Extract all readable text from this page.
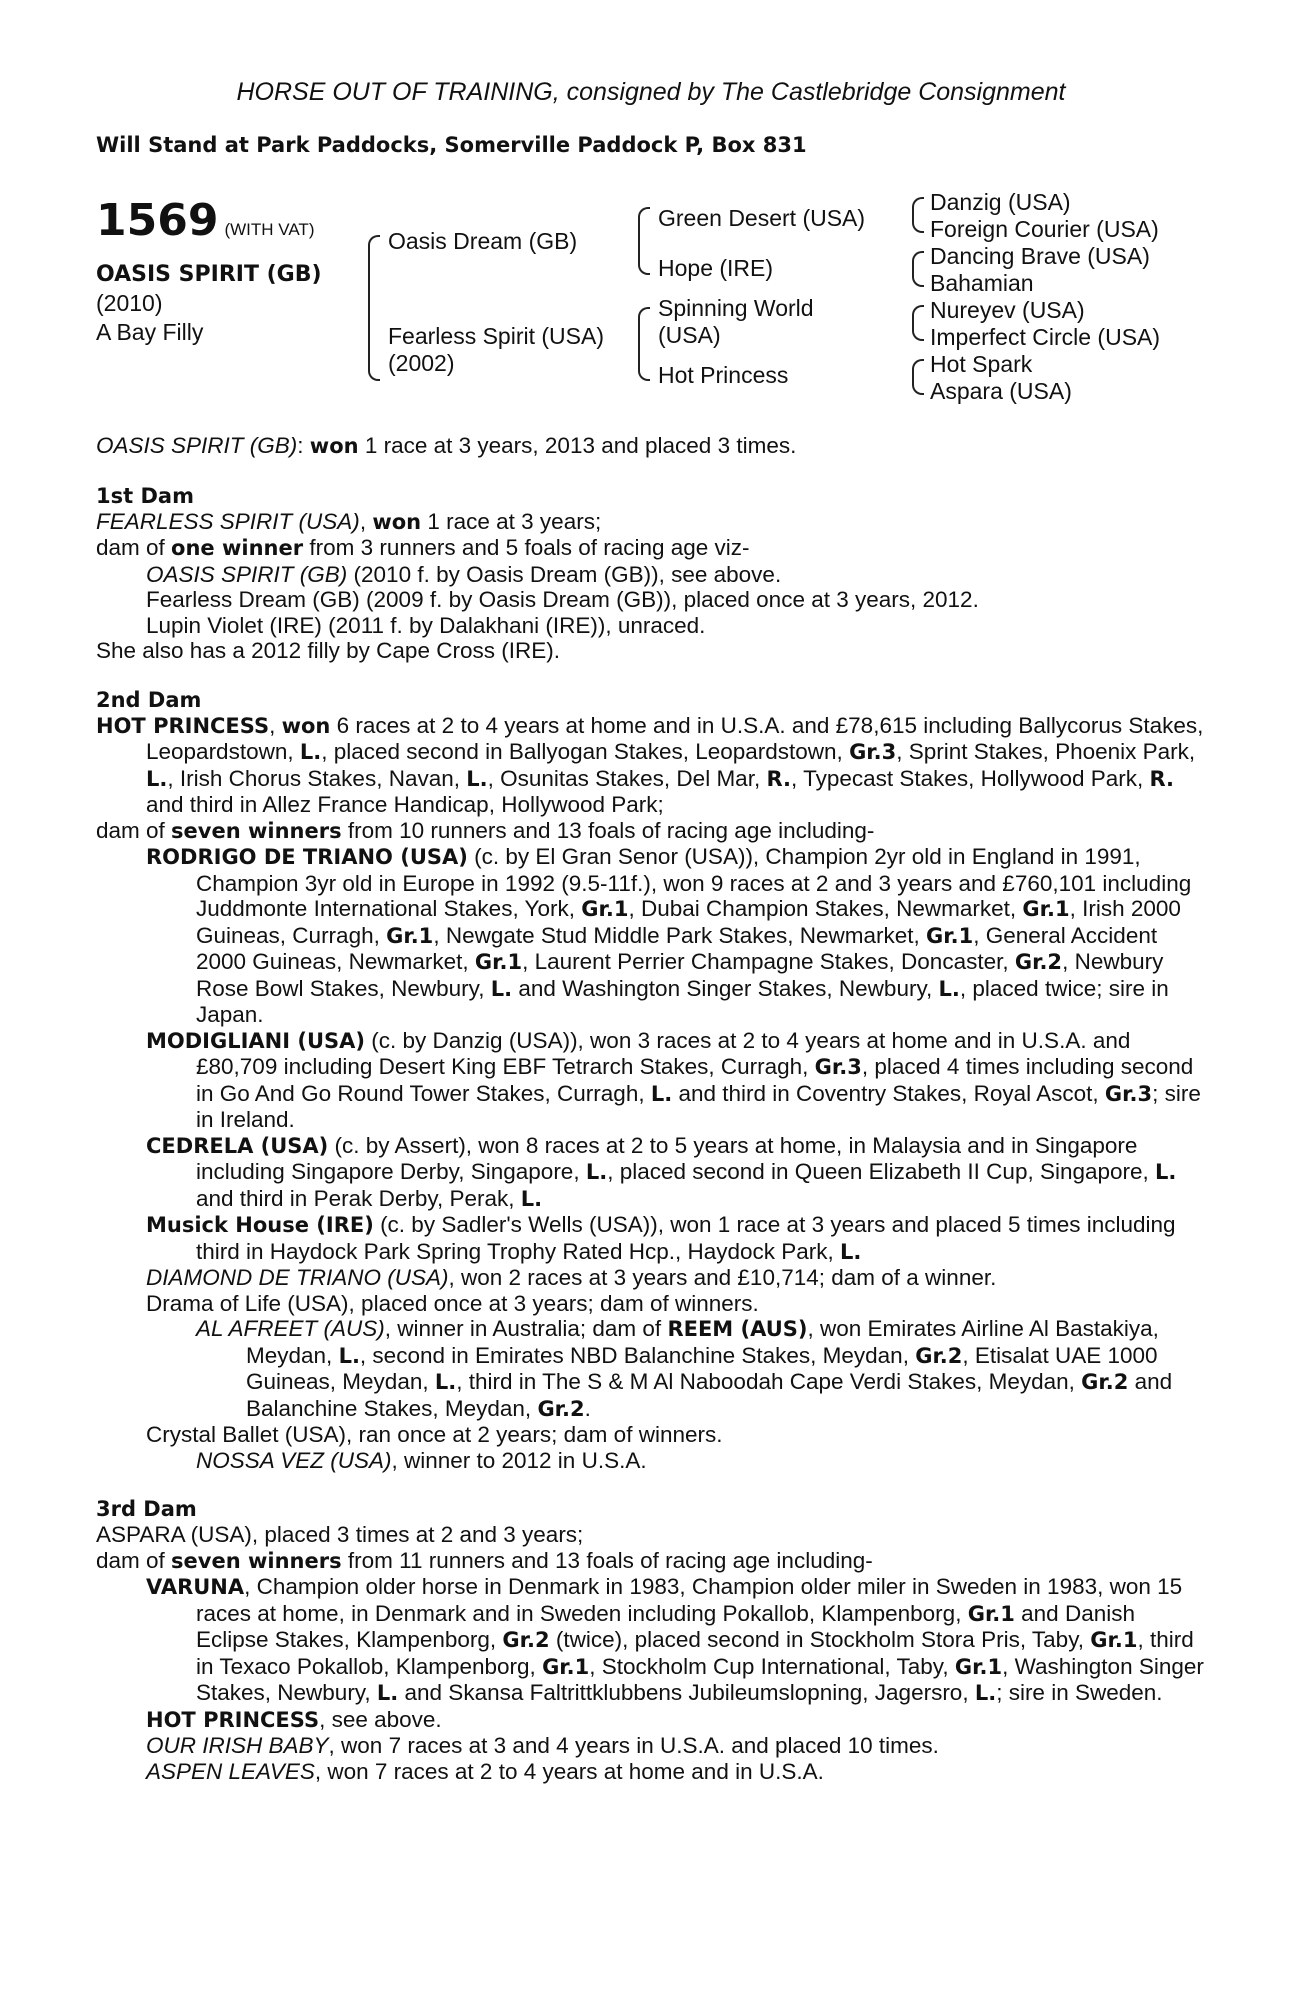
HORSE OUT OF TRAINING, consigned by The Castlebridge Consignment
Will Stand at Park Paddocks, Somerville Paddock P, Box 831
1569 (WITH VAT)
OASIS SPIRIT (GB)
(2010)
A Bay Filly
Oasis Dream (GB)
Fearless Spirit (USA)
(2002)
Green Desert (USA)
Hope (IRE)
Spinning World
(USA)
Hot Princess
Danzig (USA)
Foreign Courier (USA)
Dancing Brave (USA)
Bahamian
Nureyev (USA)
Imperfect Circle (USA)
Hot Spark
Aspara (USA)

OASIS SPIRIT (GB): won 1 race at 3 years, 2013 and placed 3 times.

1st Dam

FEARLESS SPIRIT (USA), won 1 race at 3 years;

dam of one winner from 3 runners and 5 foals of racing age viz-

OASIS SPIRIT (GB) (2010 f. by Oasis Dream (GB)), see above.

Fearless Dream (GB) (2009 f. by Oasis Dream (GB)), placed once at 3 years, 2012.

Lupin Violet (IRE) (2011 f. by Dalakhani (IRE)), unraced.

She also has a 2012 filly by Cape Cross (IRE).

2nd Dam

HOT PRINCESS, won 6 races at 2 to 4 years at home and in U.S.A. and £78,615 including Ballycorus Stakes, Leopardstown, L., placed second in Ballyogan Stakes, Leopardstown, Gr.3, Sprint Stakes, Phoenix Park, L., Irish Chorus Stakes, Navan, L., Osunitas Stakes, Del Mar, R., Typecast Stakes, Hollywood Park, R. and third in Allez France Handicap, Hollywood Park;

dam of seven winners from 10 runners and 13 foals of racing age including-

RODRIGO DE TRIANO (USA) (c. by El Gran Senor (USA)), Champion 2yr old in England in 1991, Champion 3yr old in Europe in 1992 (9.5-11f.), won 9 races at 2 and 3 years and £760,101 including Juddmonte International Stakes, York, Gr.1, Dubai Champion Stakes, Newmarket, Gr.1, Irish 2000 Guineas, Curragh, Gr.1, Newgate Stud Middle Park Stakes, Newmarket, Gr.1, General Accident 2000 Guineas, Newmarket, Gr.1, Laurent Perrier Champagne Stakes, Doncaster, Gr.2, Newbury Rose Bowl Stakes, Newbury, L. and Washington Singer Stakes, Newbury, L., placed twice; sire in Japan.

MODIGLIANI (USA) (c. by Danzig (USA)), won 3 races at 2 to 4 years at home and in U.S.A. and £80,709 including Desert King EBF Tetrarch Stakes, Curragh, Gr.3, placed 4 times including second in Go And Go Round Tower Stakes, Curragh, L. and third in Coventry Stakes, Royal Ascot, Gr.3; sire in Ireland.

CEDRELA (USA) (c. by Assert), won 8 races at 2 to 5 years at home, in Malaysia and in Singapore including Singapore Derby, Singapore, L., placed second in Queen Elizabeth II Cup, Singapore, L. and third in Perak Derby, Perak, L.

Musick House (IRE) (c. by Sadler's Wells (USA)), won 1 race at 3 years and placed 5 times including third in Haydock Park Spring Trophy Rated Hcp., Haydock Park, L.

DIAMOND DE TRIANO (USA), won 2 races at 3 years and £10,714; dam of a winner.

Drama of Life (USA), placed once at 3 years; dam of winners.

AL AFREET (AUS), winner in Australia; dam of REEM (AUS), won Emirates Airline Al Bastakiya, Meydan, L., second in Emirates NBD Balanchine Stakes, Meydan, Gr.2, Etisalat UAE 1000 Guineas, Meydan, L., third in The S & M Al Naboodah Cape Verdi Stakes, Meydan, Gr.2 and Balanchine Stakes, Meydan, Gr.2.

Crystal Ballet (USA), ran once at 2 years; dam of winners.

NOSSA VEZ (USA), winner to 2012 in U.S.A.

3rd Dam

ASPARA (USA), placed 3 times at 2 and 3 years;

dam of seven winners from 11 runners and 13 foals of racing age including-

VARUNA, Champion older horse in Denmark in 1983, Champion older miler in Sweden in 1983, won 15 races at home, in Denmark and in Sweden including Pokallob, Klampenborg, Gr.1 and Danish Eclipse Stakes, Klampenborg, Gr.2 (twice), placed second in Stockholm Stora Pris, Taby, Gr.1, third in Texaco Pokallob, Klampenborg, Gr.1, Stockholm Cup International, Taby, Gr.1, Washington Singer Stakes, Newbury, L. and Skansa Faltrittklubbens Jubileumslopning, Jagersro, L.; sire in Sweden.

HOT PRINCESS, see above.

OUR IRISH BABY, won 7 races at 3 and 4 years in U.S.A. and placed 10 times.

ASPEN LEAVES, won 7 races at 2 to 4 years at home and in U.S.A.
